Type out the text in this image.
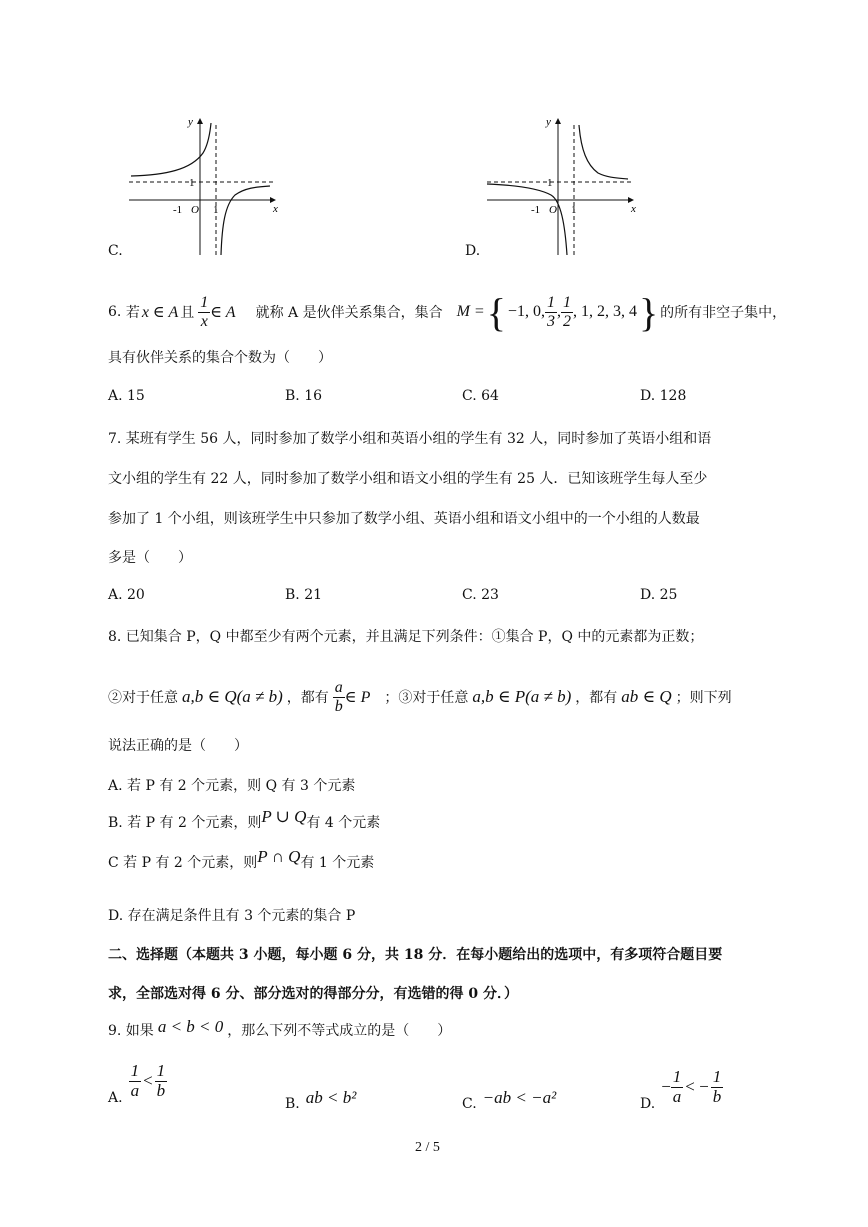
y
x
1
1
-1 O
C.
y
x
1
1
-1 O
D.
6.
若 x ∈ A 且 $\frac{1}{x}$ ∈ A 就称 A 是伙伴关系集合，集合 M = { −1, 0, $\frac{1}{3}$ , $\frac{1}{2}$ , 1, 2, 3, 4 } 的所有非空子集中，
具有伙伴关系的集合个数为（　　）
A. 15	B. 16	C. 64	D. 128
7. 某班有学生 56 人，同时参加了数学小组和英语小组的学生有 32 人，同时参加了英语小组和语
文小组的学生有 22 人，同时参加了数学小组和语文小组的学生有 25 人．已知该班学生每人至少
参加了 1 个小组，则该班学生中只参加了数学小组、英语小组和语文小组中的一个小组的人数最
多是（　　）
A. 20	B. 21	C. 23	D. 25
8. 已知集合 P，Q 中都至少有两个元素，并且满足下列条件：①集合 P，Q 中的元素都为正数；
②对于任意 a,b ∈ Q(a ≠ b) ，都有 $\frac{a}{b}$ ∈ P ；③对于任意 a,b ∈ P(a ≠ b) ，都有 ab ∈ Q ；则下列
说法正确的是（　　）
A. 若 P 有 2 个元素，则 Q 有 3 个元素
B. 若 P 有 2 个元素，则 P ∪ Q 有 4 个元素
C 若 P 有 2 个元素，则 P ∩ Q 有 1 个元素
D. 存在满足条件且有 3 个元素的集合 P
二、选择题（本题共 3 小题，每小题 6 分，共 18 分．在每小题给出的选项中，有多项符合题目要
求，全部选对得 6 分、部分选对的得部分分，有选错的得 0 分．）
9. 如果 a < b < 0 ，那么下列不等式成立的是（　　）
A. $\frac{1}{a} < \frac{1}{b}$
B. ab < b²	C. −ab < −a²	D.
− $\frac{1}{a}$ < − $\frac{1}{b}$
2 / 5
